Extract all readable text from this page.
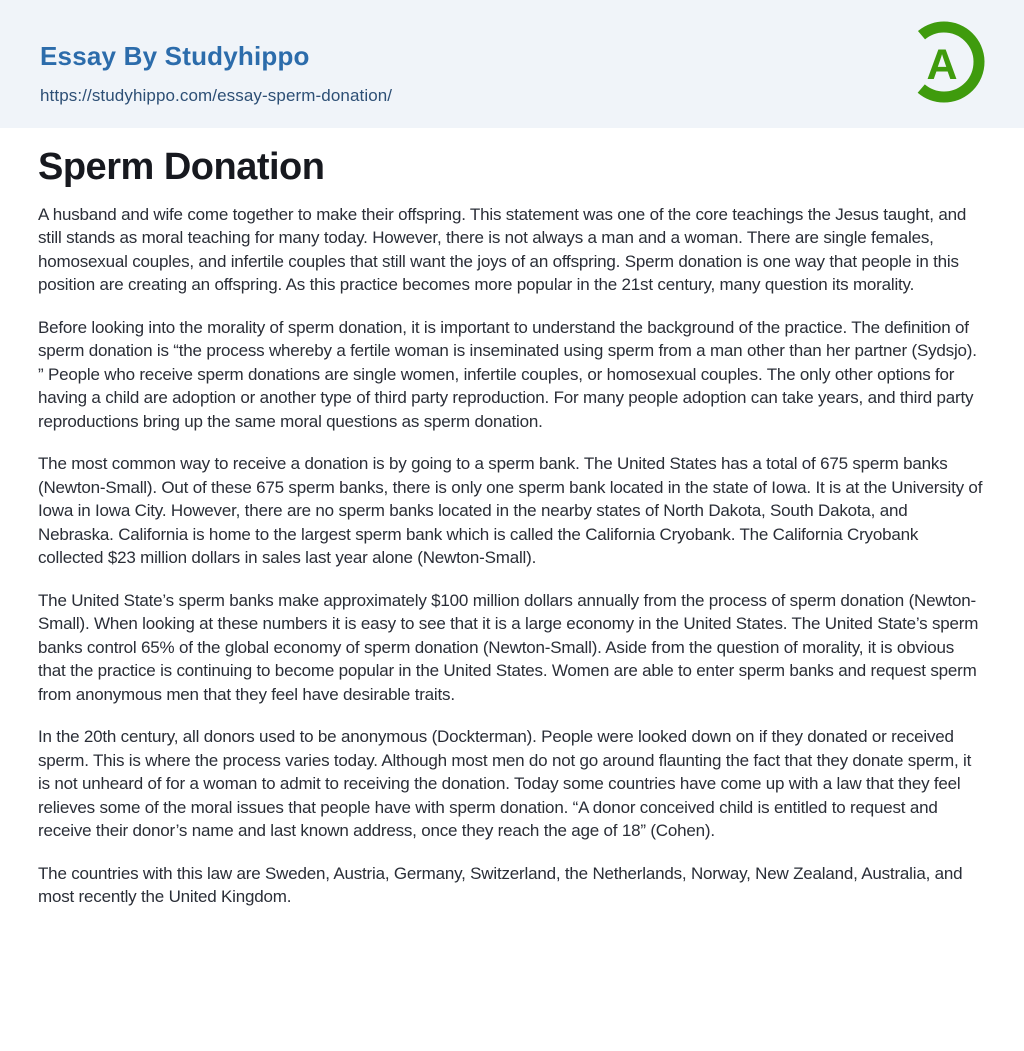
Essay By Studyhippo
https://studyhippo.com/essay-sperm-donation/
A
Sperm Donation

A husband and wife come together to make their offspring. This statement was one of the core teachings the Jesus taught, and still stands as moral teaching for many today. However, there is not always a man and a woman. There are single females, homosexual couples, and infertile couples that still want the joys of an offspring. Sperm donation is one way that people in this position are creating an offspring. As this practice becomes more popular in the 21st century, many question its morality.

Before looking into the morality of sperm donation, it is important to understand the background of the practice. The definition of sperm donation is “the process whereby a fertile woman is inseminated using sperm from a man other than her partner (Sydsjo). ” People who receive sperm donations are single women, infertile couples, or homosexual couples. The only other options for having a child are adoption or another type of third party reproduction. For many people adoption can take years, and third party reproductions bring up the same moral questions as sperm donation.

The most common way to receive a donation is by going to a sperm bank. The United States has a total of 675 sperm banks (Newton-Small). Out of these 675 sperm banks, there is only one sperm bank located in the state of Iowa. It is at the University of Iowa in Iowa City. However, there are no sperm banks located in the nearby states of North Dakota, South Dakota, and Nebraska. California is home to the largest sperm bank which is called the California Cryobank. The California Cryobank collected $23 million dollars in sales last year alone (Newton-Small).

The United State’s sperm banks make approximately $100 million dollars annually from the process of sperm donation (Newton-Small). When looking at these numbers it is easy to see that it is a large economy in the United States. The United State’s sperm banks control 65% of the global economy of sperm donation (Newton-Small). Aside from the question of morality, it is obvious that the practice is continuing to become popular in the United States. Women are able to enter sperm banks and request sperm from anonymous men that they feel have desirable traits.

In the 20th century, all donors used to be anonymous (Dockterman). People were looked down on if they donated or received sperm. This is where the process varies today. Although most men do not go around flaunting the fact that they donate sperm, it is not unheard of for a woman to admit to receiving the donation. Today some countries have come up with a law that they feel relieves some of the moral issues that people have with sperm donation. “A donor conceived child is entitled to request and receive their donor’s name and last known address, once they reach the age of 18” (Cohen).

The countries with this law are Sweden, Austria, Germany, Switzerland, the Netherlands, Norway, New Zealand, Australia, and most recently the United Kingdom.
